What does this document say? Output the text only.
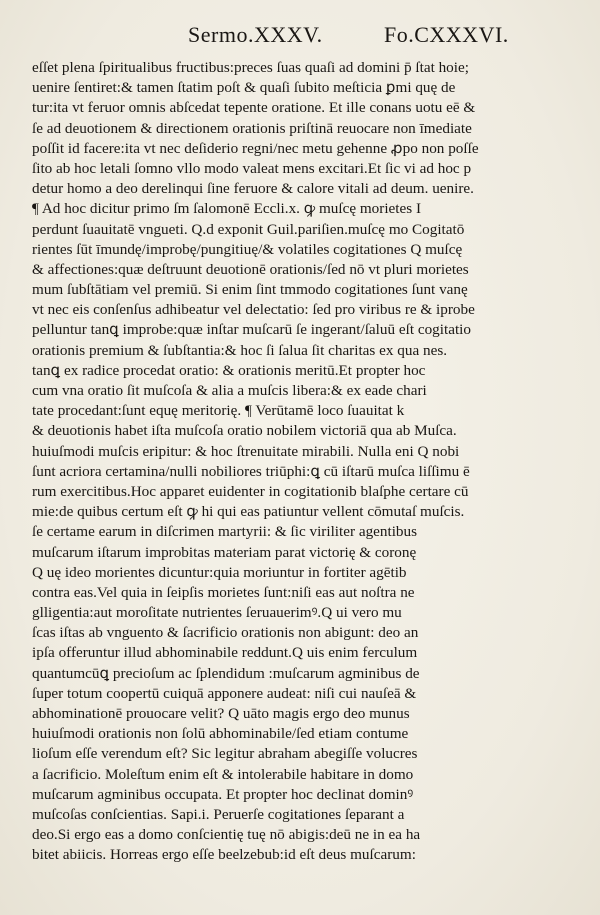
Sermo.XXXV.	Fo.CXXXVI.
eſſet plena ſpiritualibus fructibus:preces ſuas quaſi ad domini p̄ ſtat hoie;
uenire ſentiret:& tamen ſtatim poſt & quaſi ſubito meſticia ꝑmi quę de
tur:ita vt feruor omnis abſcedat tepente oratione. Et ille conans uotu eē &
ſe ad deuotionem & directionem orationis priſtinā reuocare non īmediate
poſſit id facere:ita vt nec deſiderio regni/nec metu gehenne ꝓpo non poſſe
ſito ab hoc letali ſomno vllo modo valeat mens excitari.Et ſic vi ad hoc p
detur homo a deo derelinqui ſine feruore & calore vitali ad deum. uenire.
¶ Ad hoc dicitur primo ſm ſalomonē Eccli.x. ꝙ muſcę morietes I
perdunt ſuauitatē vngueti. Q.d exponit Guil.pariſien.muſcę mo Cogitatō
rientes ſūt īmundę/improbę/pungitiuę/& volatiles cogitationes Q muſcę
& affectiones:quæ deſtruunt deuotionē orationis/ſed nō vt pluri morietes
mum ſubſtātiam vel premiū. Si enim ſint tmmodo cogitationes ſunt vanę
vt nec eis conſenſus adhibeatur vel delectatio: ſed pro viribus re & iprobe
pelluntur tanꝗ improbe:quæ inſtar muſcarū ſe ingerant/ſaluū eſt cogitatio
orationis premium & ſubſtantia:& hoc ſi ſalua ſit charitas ex qua nes.
tanꝗ ex radice procedat oratio: & orationis meritū.Et propter hoc
cum vna oratio ſit muſcoſa & alia a muſcis libera:& ex eade chari
tate procedant:ſunt equę meritorię. ¶ Verūtamē loco ſuauitat k
& deuotionis habet iſta muſcoſa oratio nobilem victoriā qua ab Muſca.
huiuſmodi muſcis eripitur: & hoc ſtrenuitate mirabili. Nulla eni Q nobi
ſunt acriora certamina/nulli nobiliores triūphi:ꝗ cū iſtarū muſca liſſimu ē
rum exercitibus.Hoc apparet euidenter in cogitationib blaſphe certare cū
mie:de quibus certum eſt ꝙ hi qui eas patiuntur vellent cōmutaſ muſcis.
ſe certame earum in diſcrimen martyrii: & ſic viriliter agentibus
muſcarum iſtarum improbitas materiam parat victorię & coronę
Q uę ideo morientes dicuntur:quia moriuntur in fortiter agētib
contra eas.Vel quia in ſeipſis morietes ſunt:niſi eas aut noſtra ne
glligentia:aut moroſitate nutrientes ſeruauerimꝰ.Q ui vero mu
ſcas iſtas ab vnguento & ſacrificio orationis non abigunt: deo an
ipſa offeruntur illud abhominabile reddunt.Q uis enim ferculum
quantumcūꝗ precioſum ac ſplendidum :muſcarum agminibus de
ſuper totum coopertū cuiquā apponere audeat: niſi cui nauſeā &
abhominationē prouocare velit? Q uāto magis ergo deo munus
huiuſmodi orationis non ſolū abhominabile/ſed etiam contume
lioſum eſſe verendum eſt? Sic legitur abraham abegiſſe volucres
a ſacrificio. Moleſtum enim eſt & intolerabile habitare in domo
muſcarum agminibus occupata. Et propter hoc declinat dominꝰ
muſcoſas conſcientias. Sapi.i. Peruerſe cogitationes ſeparant a
deo.Si ergo eas a domo conſcientię tuę nō abigis:deū ne in ea ha
bitet abiicis. Horreas ergo eſſe beelzebub:id eſt deus muſcarum:
